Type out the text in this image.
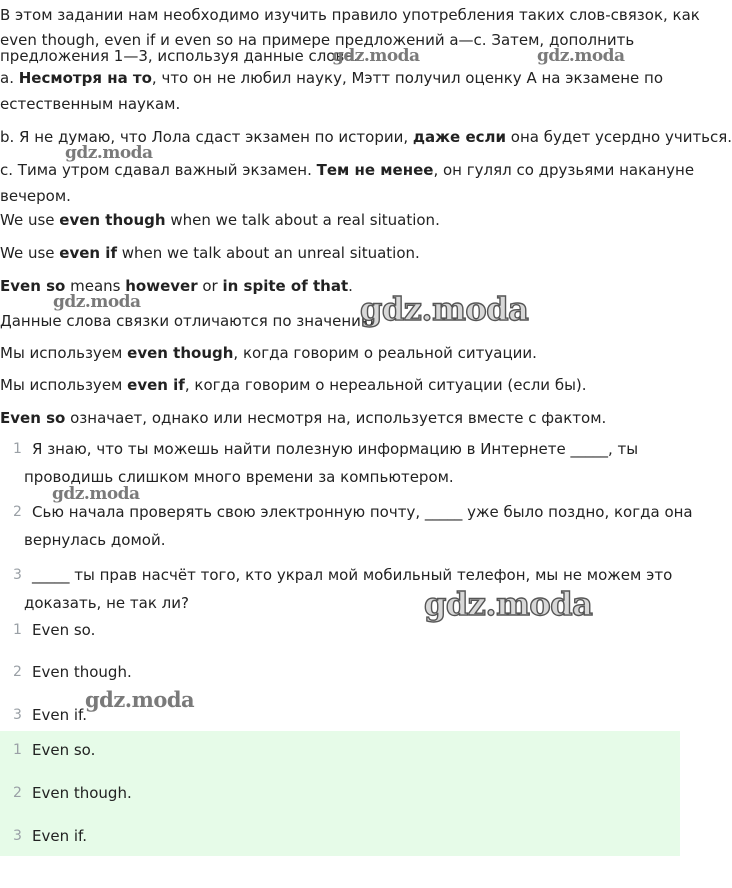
В этом задании нам необходимо изучить правило употребления таких слов-связок, как
even though, even if и even so на примере предложений a—c. Затем, дополнить
предложения 1—3, используя данные слова.
a. Несмотря на то, что он не любил науку, Мэтт получил оценку А на экзамене по
естественным наукам.
b. Я не думаю, что Лола сдаст экзамен по истории, даже если она будет усердно учиться.
c. Тима утром сдавал важный экзамен. Тем не менее, он гулял со друзьями накануне
вечером.
We use even though when we talk about a real situation.
We use even if when we talk about an unreal situation.
Even so means however or in spite of that.
Данные слова связки отличаются по значению.
Мы используем even though, когда говорим о реальной ситуации.
Мы используем even if, когда говорим о нереальной ситуации (если бы).
Even so означает, однако или несмотря на, используется вместе с фактом.
1 Я знаю, что ты можешь найти полезную информацию в Интернете _____, ты
проводишь слишком много времени за компьютером.
2 Сью начала проверять свою электронную почту, _____ уже было поздно, когда она
вернулась домой.
3 _____ ты прав насчёт того, кто украл мой мобильный телефон, мы не можем это
доказать, не так ли?
1 Even so.
2 Even though.
3 Even if.
1 Even so.
2 Even though.
3 Even if.
gdz.moda	gdz.moda
gdz.moda
gdz.moda	gdz.moda
gdz.moda
gdz.moda
gdz.moda
